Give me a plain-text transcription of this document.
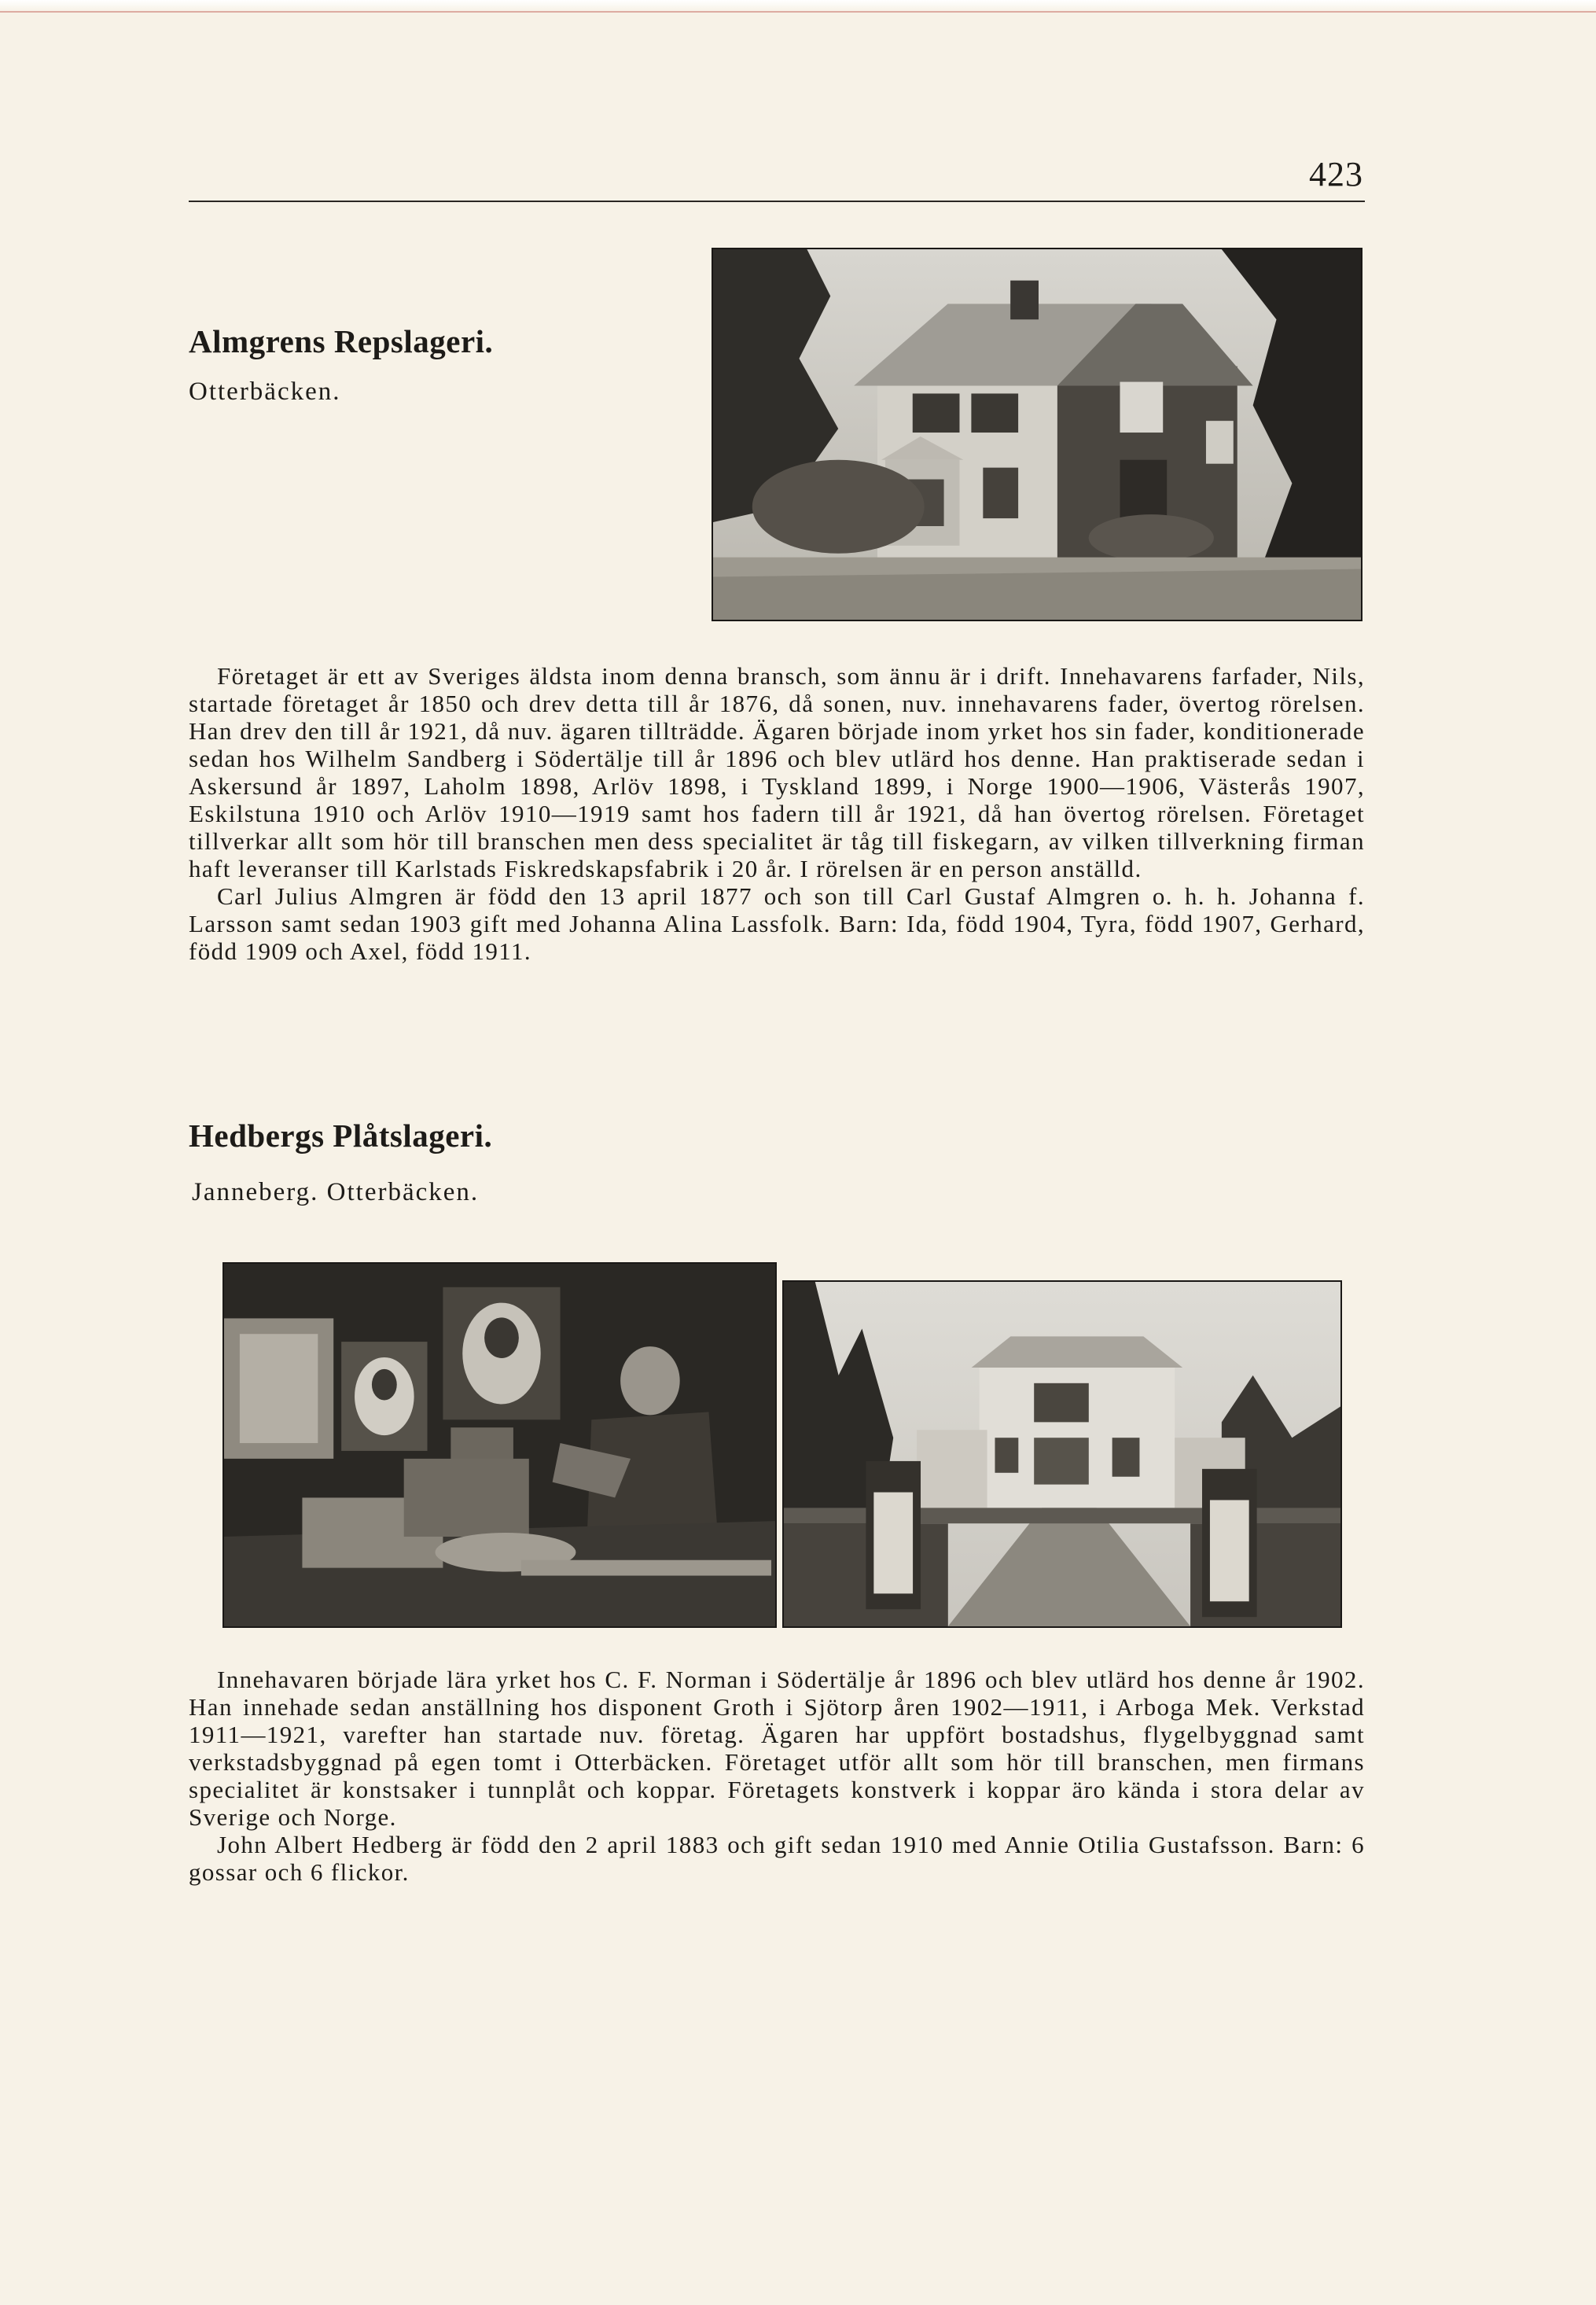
423
Almgrens Repslageri.
Otterbäcken.

Företaget är ett av Sveriges äldsta inom denna bransch, som ännu är i drift. Innehavarens farfader, Nils, startade företaget år 1850 och drev detta till år 1876, då sonen, nuv. innehavarens fader, övertog rörelsen. Han drev den till år 1921, då nuv. ägaren tillträdde. Ägaren började inom yrket hos sin fader, konditionerade sedan hos Wilhelm Sandberg i Södertälje till år 1896 och blev utlärd hos denne. Han praktiserade sedan i Askersund år 1897, Laholm 1898, Arlöv 1898, i Tyskland 1899, i Norge 1900—1906, Västerås 1907, Eskilstuna 1910 och Arlöv 1910—1919 samt hos fadern till år 1921, då han övertog rörelsen. Företaget tillverkar allt som hör till branschen men dess specialitet är tåg till fiskegarn, av vilken tillverkning firman haft leveranser till Karlstads Fiskredskapsfabrik i 20 år. I rörelsen är en person anställd.

Carl Julius Almgren är född den 13 april 1877 och son till Carl Gustaf Almgren o. h. h. Johanna f. Larsson samt sedan 1903 gift med Johanna Alina Lassfolk. Barn: Ida, född 1904, Tyra, född 1907, Gerhard, född 1909 och Axel, född 1911.

Hedbergs Plåtslageri.
Janneberg. Otterbäcken.

Innehavaren började lära yrket hos C. F. Norman i Södertälje år 1896 och blev utlärd hos denne år 1902. Han innehade sedan anställning hos disponent Groth i Sjötorp åren 1902—1911, i Arboga Mek. Verkstad 1911—1921, varefter han startade nuv. företag. Ägaren har uppfört bostadshus, flygelbyggnad samt verkstadsbyggnad på egen tomt i Otterbäcken. Företaget utför allt som hör till branschen, men firmans specialitet är konstsaker i tunnplåt och koppar. Företagets konstverk i koppar äro kända i stora delar av Sverige och Norge.

John Albert Hedberg är född den 2 april 1883 och gift sedan 1910 med Annie Otilia Gustafsson. Barn: 6 gossar och 6 flickor.
